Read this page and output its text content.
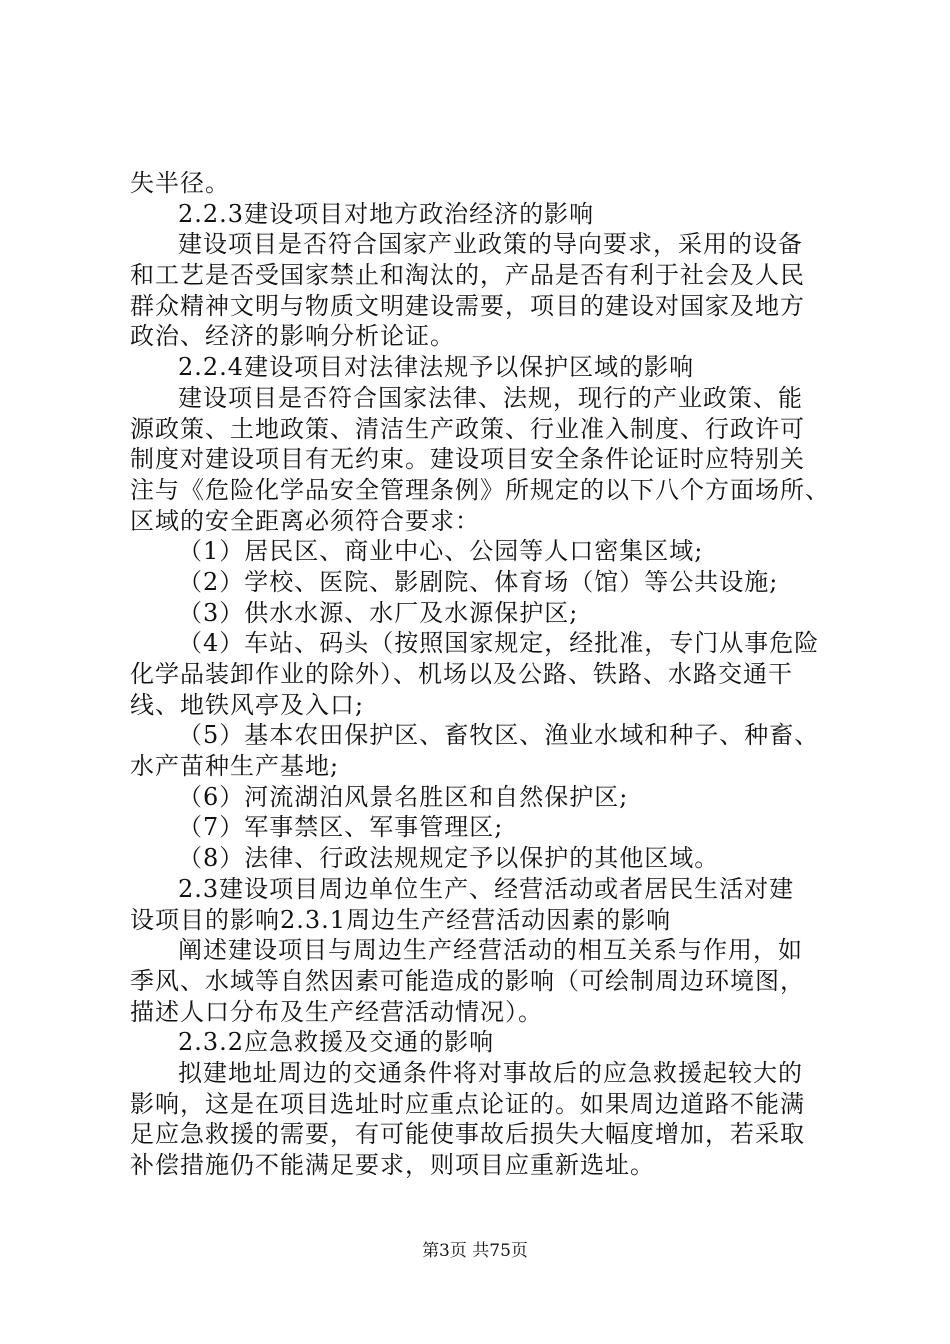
失半径。
2.2.3建设项目对地方政治经济的影响
建设项目是否符合国家产业政策的导向要求，采用的设备
和工艺是否受国家禁止和淘汰的，产品是否有利于社会及人民
群众精神文明与物质文明建设需要，项目的建设对国家及地方
政治、经济的影响分析论证。
2.2.4建设项目对法律法规予以保护区域的影响
建设项目是否符合国家法律、法规，现行的产业政策、能
源政策、土地政策、清洁生产政策、行业准入制度、行政许可
制度对建设项目有无约束。建设项目安全条件论证时应特别关
注与《危险化学品安全管理条例》所规定的以下八个方面场所、
区域的安全距离必须符合要求：
（1）居民区、商业中心、公园等人口密集区域;
（2）学校、医院、影剧院、体育场（馆）等公共设施;
（3）供水水源、水厂及水源保护区;
（4）车站、码头（按照国家规定，经批准，专门从事危险
化学品装卸作业的除外）、机场以及公路、铁路、水路交通干
线、地铁风亭及入口;
（5）基本农田保护区、畜牧区、渔业水域和种子、种畜、
水产苗种生产基地;
（6）河流湖泊风景名胜区和自然保护区;
（7）军事禁区、军事管理区;
（8）法律、行政法规规定予以保护的其他区域。
2.3建设项目周边单位生产、经营活动或者居民生活对建
设项目的影响2.3.1周边生产经营活动因素的影响
阐述建设项目与周边生产经营活动的相互关系与作用，如
季风、水域等自然因素可能造成的影响（可绘制周边环境图，
描述人口分布及生产经营活动情况）。
2.3.2应急救援及交通的影响
拟建地址周边的交通条件将对事故后的应急救援起较大的
影响，这是在项目选址时应重点论证的。如果周边道路不能满
足应急救援的需要，有可能使事故后损失大幅度增加，若采取
补偿措施仍不能满足要求，则项目应重新选址。
第3页 共75页
